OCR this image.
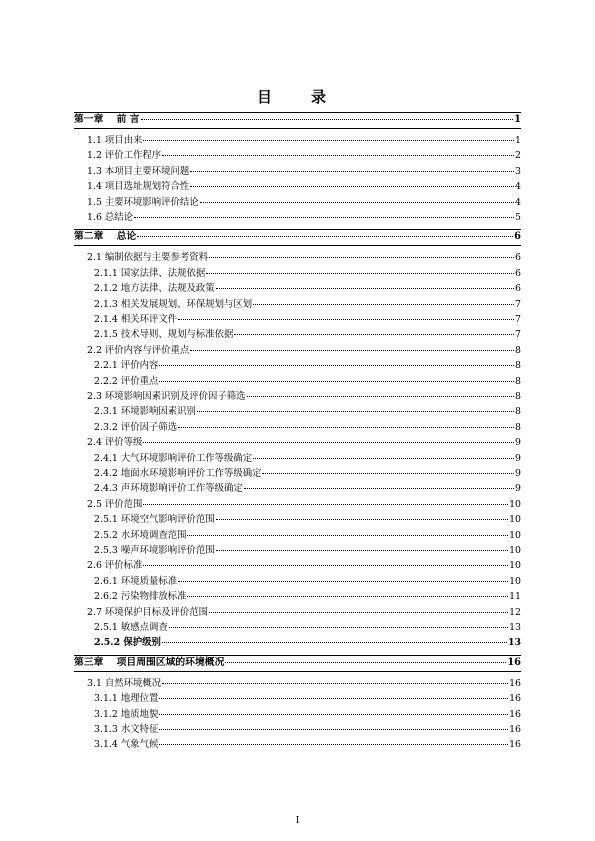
目　录
I
第一章　 前 言	1
1.1 项目由来	1
1.2 评价工作程序	2
1.3 本项目主要环境问题	3
1.4 项目选址规划符合性	4
1.5 主要环境影响评价结论	4
1.6 总结论	5
第二章　 总论	6
2.1 编制依据与主要参考资料	6
2.1.1 国家法律、法规依据	6
2.1.2 地方法律、法规及政策	6
2.1.3 相关发展规划、环保规划与区划	7
2.1.4 相关环评文件	7
2.1.5 技术导则、规划与标准依据	7
2.2 评价内容与评价重点	8
2.2.1 评价内容	8
2.2.2 评价重点	8
2.3 环境影响因素识别及评价因子筛选	8
2.3.1 环境影响因素识别	8
2.3.2 评价因子筛选	8
2.4 评价等级	9
2.4.1 大气环境影响评价工作等级确定	9
2.4.2 地面水环境影响评价工作等级确定	9
2.4.3 声环境影响评价工作等级确定	9
2.5 评价范围	10
2.5.1 环境空气影响评价范围	10
2.5.2 水环境调查范围	10
2.5.3 噪声环境影响评价范围	10
2.6 评价标准	10
2.6.1 环境质量标准	10
2.6.2 污染物排放标准	11
2.7 环境保护目标及评价范围	12
2.5.1 敏感点调查	13
2.5.2 保护级别	13
第三章　 项目周围区域的环境概况	16
3.1 自然环境概况	16
3.1.1 地理位置	16
3.1.2 地质地貌	16
3.1.3 水文特征	16
3.1.4 气象气候	16
